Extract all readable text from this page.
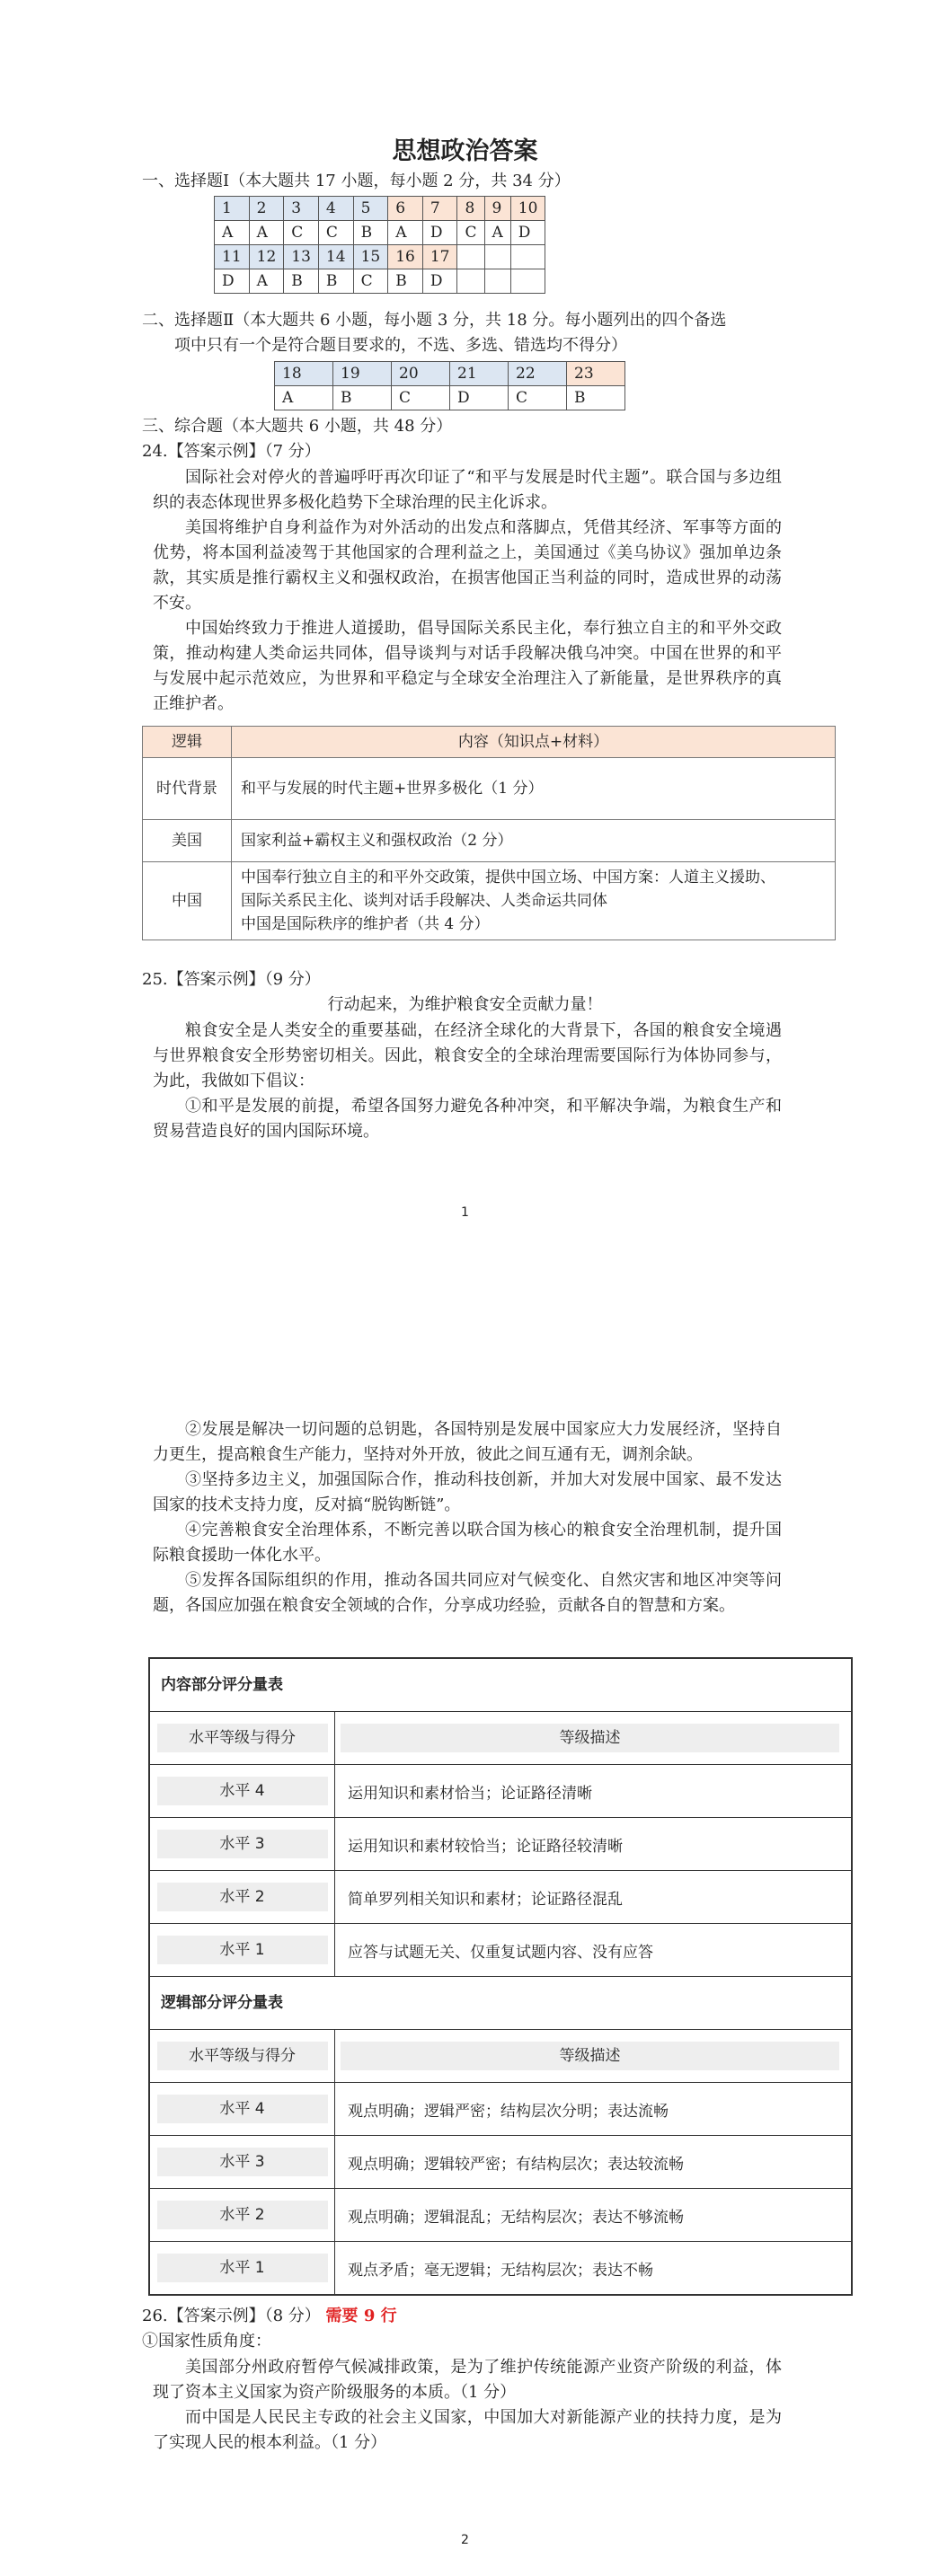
思想政治答案
一、选择题Ⅰ（本大题共 17 小题，每小题 2 分，共 34 分）
1	2	3	4	5	6	7	8	9	10
A	A	C	C	B	A	D	C	A	D
11	12	13	14	15	16	17			
D	A	B	B	C	B	D			
二、选择题Ⅱ（本大题共 6 小题，每小题 3 分，共 18 分。每小题列出的四个备选
项中只有一个是符合题目要求的，不选、多选、错选均不得分）
18	19	20	21	22	23
A	B	C	D	C	B
三、综合题（本大题共 6 小题，共 48 分）
24.【答案示例】（7 分）

国际社会对停火的普遍呼吁再次印证了“和平与发展是时代主题”。联合国与多边组织的表态体现世界多极化趋势下全球治理的民主化诉求。

美国将维护自身利益作为对外活动的出发点和落脚点，凭借其经济、军事等方面的优势，将本国利益凌驾于其他国家的合理利益之上，美国通过《美乌协议》强加单边条款，其实质是推行霸权主义和强权政治，在损害他国正当利益的同时，造成世界的动荡不安。

中国始终致力于推进人道援助，倡导国际关系民主化，奉行独立自主的和平外交政策，推动构建人类命运共同体，倡导谈判与对话手段解决俄乌冲突。中国在世界的和平与发展中起示范效应，为世界和平稳定与全球安全治理注入了新能量，是世界秩序的真正维护者。

逻辑	内容（知识点+材料）
时代背景	和平与发展的时代主题+世界多极化（1 分）
美国	国家利益+霸权主义和强权政治（2 分）
中国	中国奉行独立自主的和平外交政策，提供中国立场、中国方案：人道主义援助、
国际关系民主化、谈判对话手段解决、人类命运共同体
中国是国际秩序的维护者（共 4 分）
25.【答案示例】（9 分）
行动起来，为维护粮食安全贡献力量！

粮食安全是人类安全的重要基础，在经济全球化的大背景下，各国的粮食安全境遇与世界粮食安全形势密切相关。因此，粮食安全的全球治理需要国际行为体协同参与，为此，我做如下倡议：

①和平是发展的前提，希望各国努力避免各种冲突，和平解决争端，为粮食生产和贸易营造良好的国内国际环境。

1

②发展是解决一切问题的总钥匙，各国特别是发展中国家应大力发展经济，坚持自力更生，提高粮食生产能力，坚持对外开放，彼此之间互通有无，调剂余缺。

③坚持多边主义，加强国际合作，推动科技创新，并加大对发展中国家、最不发达国家的技术支持力度，反对搞“脱钩断链”。

④完善粮食安全治理体系，不断完善以联合国为核心的粮食安全治理机制，提升国际粮食援助一体化水平。

⑤发挥各国际组织的作用，推动各国共同应对气候变化、自然灾害和地区冲突等问题，各国应加强在粮食安全领域的合作，分享成功经验，贡献各自的智慧和方案。

内容部分评分量表
水平等级与得分	等级描述
水平 4	运用知识和素材恰当；论证路径清晰
水平 3	运用知识和素材较恰当；论证路径较清晰
水平 2	简单罗列相关知识和素材；论证路径混乱
水平 1	应答与试题无关、仅重复试题内容、没有应答
逻辑部分评分量表
水平等级与得分	等级描述
水平 4	观点明确；逻辑严密；结构层次分明；表达流畅
水平 3	观点明确；逻辑较严密；有结构层次；表达较流畅
水平 2	观点明确；逻辑混乱；无结构层次；表达不够流畅
水平 1	观点矛盾；毫无逻辑；无结构层次；表达不畅
26.【答案示例】（8 分） 需要 9 行
①国家性质角度：

美国部分州政府暂停气候减排政策，是为了维护传统能源产业资产阶级的利益，体现了资本主义国家为资产阶级服务的本质。（1 分）

而中国是人民民主专政的社会主义国家，中国加大对新能源产业的扶持力度，是为了实现人民的根本利益。（1 分）

2
